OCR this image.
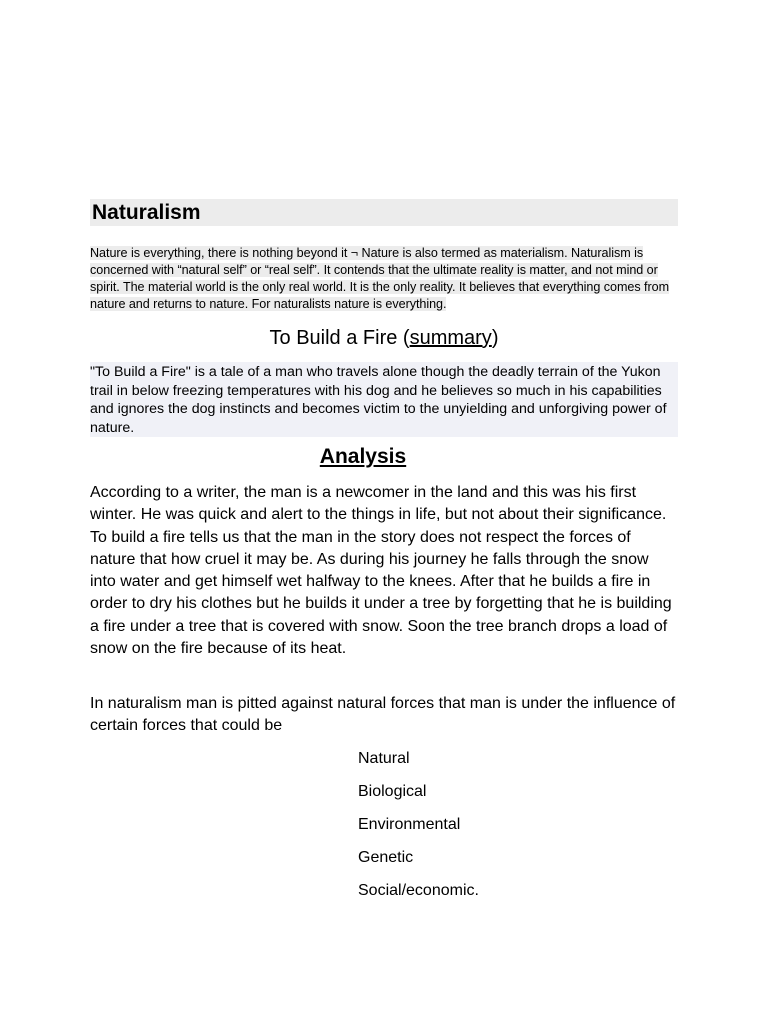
Naturalism

Nature is everything, there is nothing beyond it ¬ Nature is also termed as materialism. Naturalism is concerned with “natural self” or “real self”. It contends that the ultimate reality is matter, and not mind or spirit. The material world is the only real world. It is the only reality. It believes that everything comes from nature and returns to nature. For naturalists nature is everything.

To Build a Fire (summary)
"To Build a Fire" is a tale of a man who travels alone though the deadly terrain of the Yukon trail in below freezing temperatures with his dog and he believes so much in his capabilities and ignores the dog instincts and becomes victim to the unyielding and unforgiving power of nature.
Analysis
According to a writer, the man is a newcomer in the land and this was his first winter. He was quick and alert to the things in life, but not about their significance. To build a fire tells us that the man in the story does not respect the forces of nature that how cruel it may be. As during his journey he falls through the snow into water and get himself wet halfway to the knees. After that he builds a fire in order to dry his clothes but he builds it under a tree by forgetting that he is building a fire under a tree that is covered with snow. Soon the tree branch drops a load of snow on the fire because of its heat.
In naturalism man is pitted against natural forces that man is under the influence of certain forces that could be
Natural
Biological
Environmental
Genetic
Social/economic.
